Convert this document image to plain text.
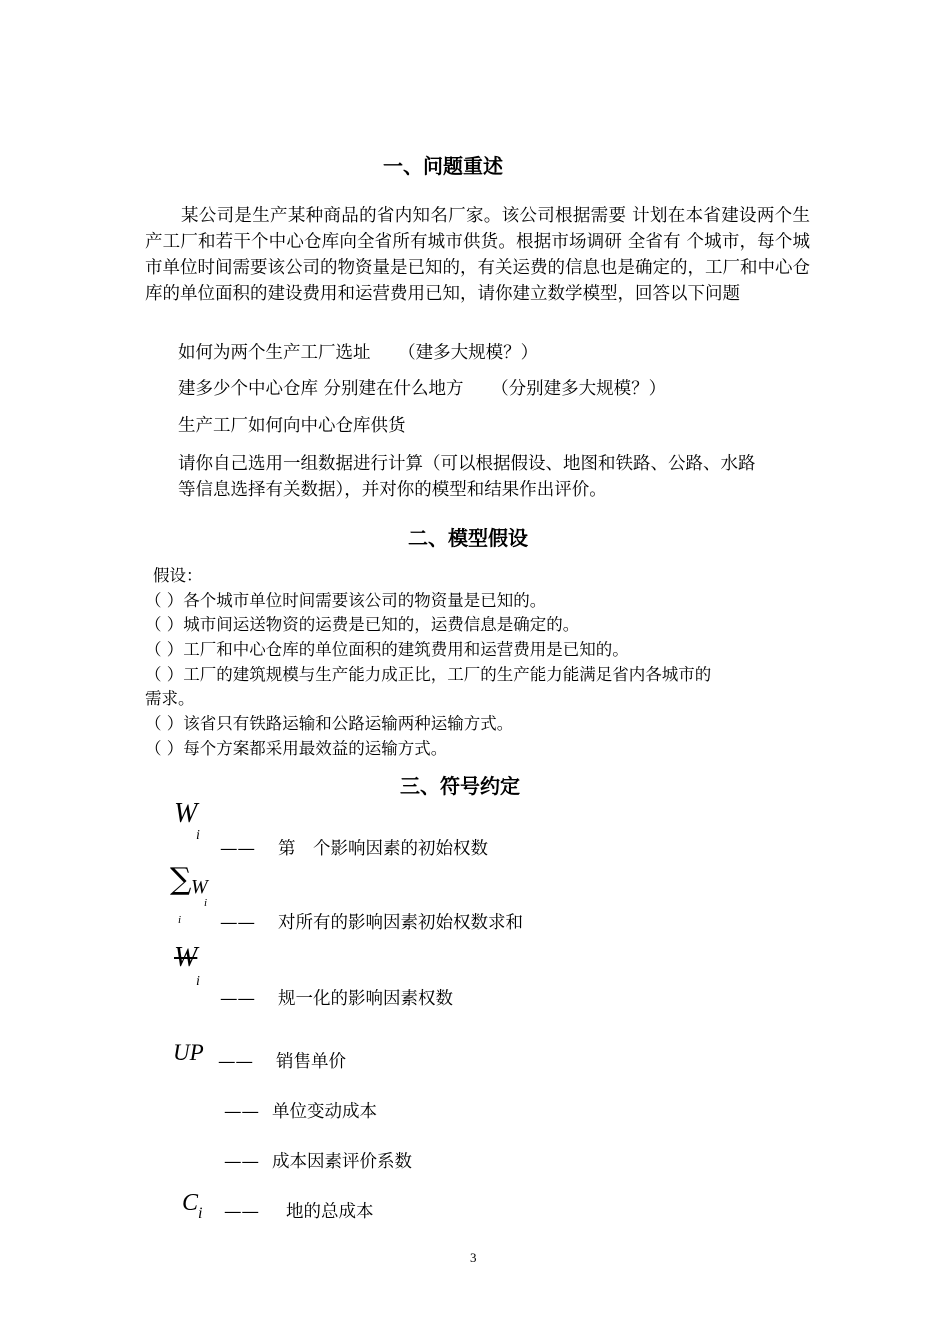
一、问题重述
某公司是生产某种商品的省内知名厂家。该公司根据需要 计划在本省建设两个生产工厂和若干个中心仓库向全省所有城市供货。根据市场调研 全省有 个城市，每个城市单位时间需要该公司的物资量是已知的，有关运费的信息也是确定的，工厂和中心仓库的单位面积的建设费用和运营费用已知，请你建立数学模型，回答以下问题
如何为两个生产工厂选址 （建多大规模？）
建多少个中心仓库 分别建在什么地方 （分别建多大规模？）
生产工厂如何向中心仓库供货
请你自己选用一组数据进行计算（可以根据假设、地图和铁路、公路、水路
等信息选择有关数据），并对你的模型和结果作出评价。
二、模型假设
假设：
（ ）各个城市单位时间需要该公司的物资量是已知的。
（ ）城市间运送物资的运费是已知的，运费信息是确定的。
（ ）工厂和中心仓库的单位面积的建筑费用和运营费用是已知的。
（ ）工厂的建筑规模与生产能力成正比，工厂的生产能力能满足省内各城市的
需求。
（ ）该省只有铁路运输和公路运输两种运输方式。
（ ）每个方案都采用最效益的运输方式。
三、符号约定
W
i
—— 第　个影响因素的初始权数
∑ W
i
i —— 对所有的影响因素初始权数求和
W
i
—— 规一化的影响因素权数
UP —— 销售单价
—— 单位变动成本
—— 成本因素评价系数
C i —— 地的总成本
3
